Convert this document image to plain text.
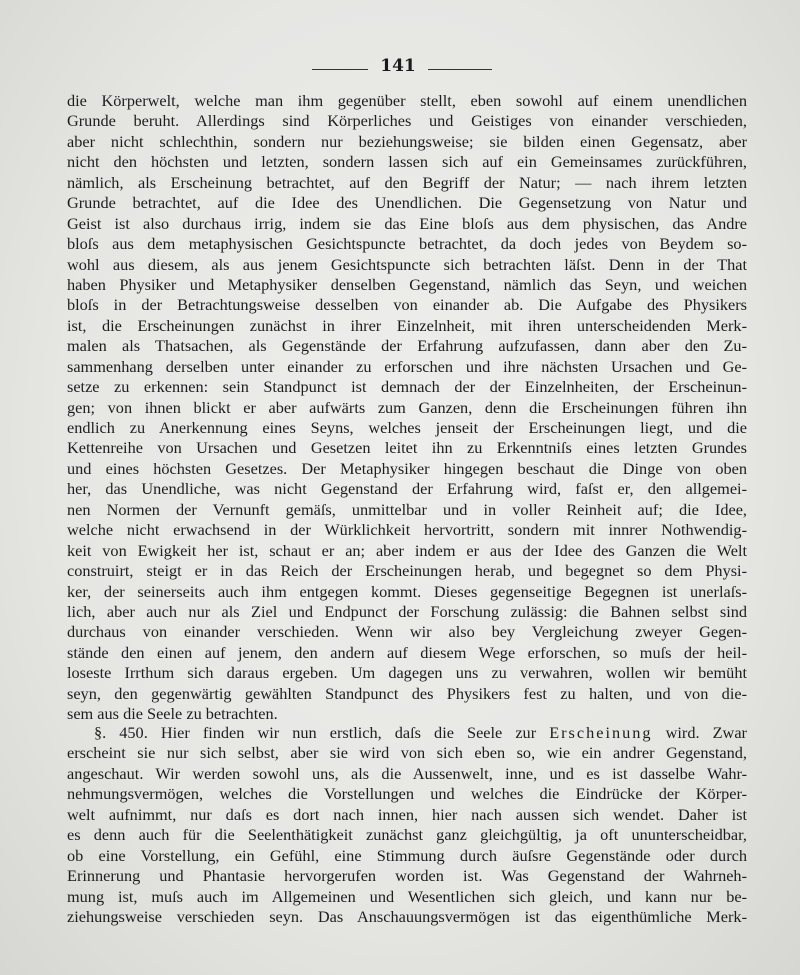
141
die Körperwelt, welche man ihm gegenüber stellt, eben sowohl auf einem unendlichen
Grunde beruht. Allerdings sind Körperliches und Geistiges von einander verschieden,
aber nicht schlechthin, sondern nur beziehungsweise; sie bilden einen Gegensatz, aber
nicht den höchsten und letzten, sondern lassen sich auf ein Gemeinsames zurückführen,
nämlich, als Erscheinung betrachtet, auf den Begriff der Natur; — nach ihrem letzten
Grunde betrachtet, auf die Idee des Unendlichen. Die Gegensetzung von Natur und
Geist ist also durchaus irrig, indem sie das Eine bloſs aus dem physischen, das Andre
bloſs aus dem metaphysischen Gesichtspuncte betrachtet, da doch jedes von Beydem so-
wohl aus diesem, als aus jenem Gesichtspuncte sich betrachten läſst. Denn in der That
haben Physiker und Metaphysiker denselben Gegenstand, nämlich das Seyn, und weichen
bloſs in der Betrachtungsweise desselben von einander ab. Die Aufgabe des Physikers
ist, die Erscheinungen zunächst in ihrer Einzelnheit, mit ihren unterscheidenden Merk-
malen als Thatsachen, als Gegenstände der Erfahrung aufzufassen, dann aber den Zu-
sammenhang derselben unter einander zu erforschen und ihre nächsten Ursachen und Ge-
setze zu erkennen: sein Standpunct ist demnach der der Einzelnheiten, der Erscheinun-
gen; von ihnen blickt er aber aufwärts zum Ganzen, denn die Erscheinungen führen ihn
endlich zu Anerkennung eines Seyns, welches jenseit der Erscheinungen liegt, und die
Kettenreihe von Ursachen und Gesetzen leitet ihn zu Erkenntniſs eines letzten Grundes
und eines höchsten Gesetzes. Der Metaphysiker hingegen beschaut die Dinge von oben
her, das Unendliche, was nicht Gegenstand der Erfahrung wird, faſst er, den allgemei-
nen Normen der Vernunft gemäſs, unmittelbar und in voller Reinheit auf; die Idee,
welche nicht erwachsend in der Würklichkeit hervortritt, sondern mit innrer Nothwendig-
keit von Ewigkeit her ist, schaut er an; aber indem er aus der Idee des Ganzen die Welt
construirt, steigt er in das Reich der Erscheinungen herab, und begegnet so dem Physi-
ker, der seinerseits auch ihm entgegen kommt. Dieses gegenseitige Begegnen ist unerlaſs-
lich, aber auch nur als Ziel und Endpunct der Forschung zulässig: die Bahnen selbst sind
durchaus von einander verschieden. Wenn wir also bey Vergleichung zweyer Gegen-
stände den einen auf jenem, den andern auf diesem Wege erforschen, so muſs der heil-
loseste Irrthum sich daraus ergeben. Um dagegen uns zu verwahren, wollen wir bemüht
seyn, den gegenwärtig gewählten Standpunct des Physikers fest zu halten, und von die-
sem aus die Seele zu betrachten.
§. 450. Hier finden wir nun erstlich, daſs die Seele zur Erscheinung wird. Zwar
erscheint sie nur sich selbst, aber sie wird von sich eben so, wie ein andrer Gegenstand,
angeschaut. Wir werden sowohl uns, als die Aussenwelt, inne, und es ist dasselbe Wahr-
nehmungsvermögen, welches die Vorstellungen und welches die Eindrücke der Körper-
welt aufnimmt, nur daſs es dort nach innen, hier nach aussen sich wendet. Daher ist
es denn auch für die Seelenthätigkeit zunächst ganz gleichgültig, ja oft ununterscheidbar,
ob eine Vorstellung, ein Gefühl, eine Stimmung durch äuſsre Gegenstände oder durch
Erinnerung und Phantasie hervorgerufen worden ist. Was Gegenstand der Wahrneh-
mung ist, muſs auch im Allgemeinen und Wesentlichen sich gleich, und kann nur be-
ziehungsweise verschieden seyn. Das Anschauungsvermögen ist das eigenthümliche Merk-
